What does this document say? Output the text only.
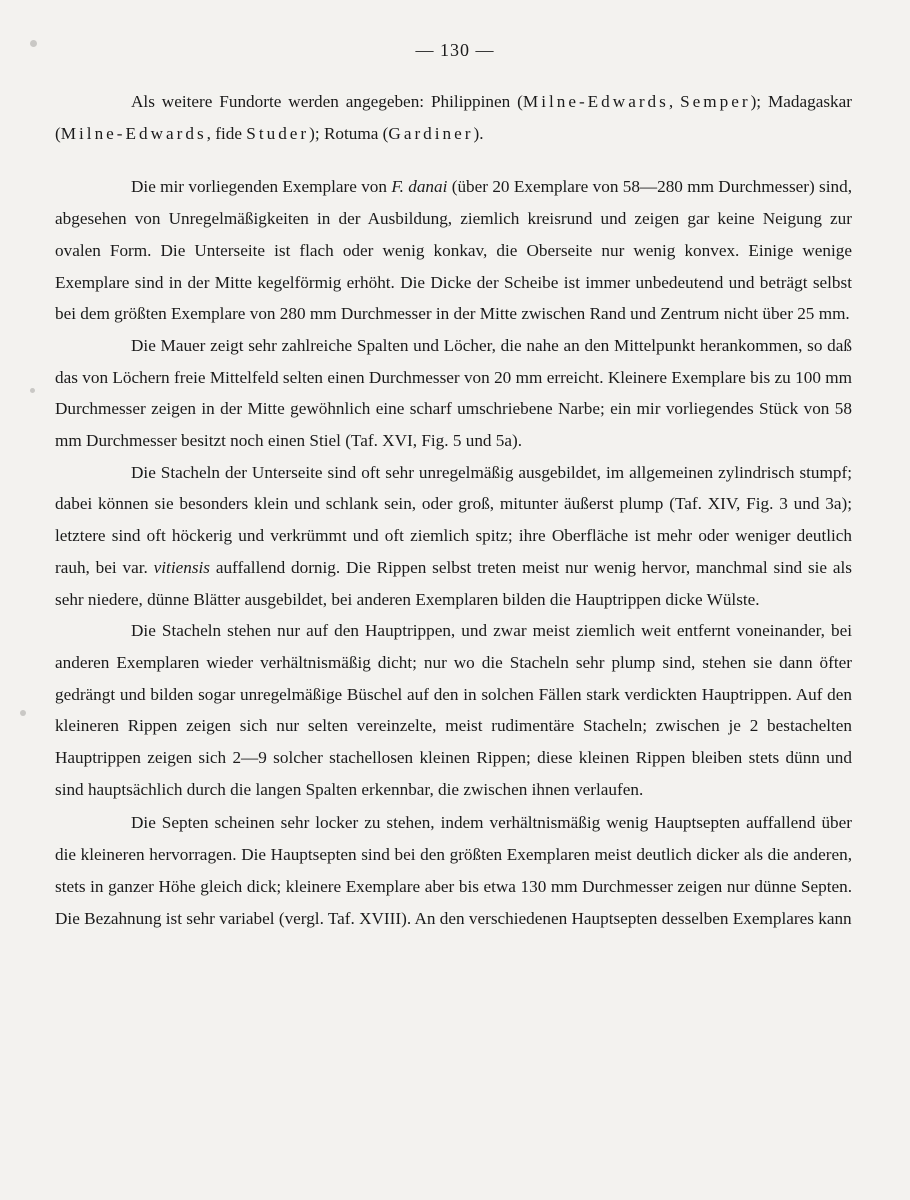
— 130 —

Als weitere Fundorte werden angegeben: Philippinen (Milne-Edwards, Semper); Madagaskar (Milne-Edwards, fide Studer); Rotuma (Gardiner).

Die mir vorliegenden Exemplare von F. danai (über 20 Exemplare von 58—280 mm Durchmesser) sind, abgesehen von Unregelmäßigkeiten in der Ausbildung, ziemlich kreisrund und zeigen gar keine Neigung zur ovalen Form. Die Unterseite ist flach oder wenig konkav, die Oberseite nur wenig konvex. Einige wenige Exemplare sind in der Mitte kegelförmig erhöht. Die Dicke der Scheibe ist immer unbedeutend und beträgt selbst bei dem größten Exemplare von 280 mm Durchmesser in der Mitte zwischen Rand und Zentrum nicht über 25 mm.

Die Mauer zeigt sehr zahlreiche Spalten und Löcher, die nahe an den Mittelpunkt herankommen, so daß das von Löchern freie Mittelfeld selten einen Durchmesser von 20 mm erreicht. Kleinere Exemplare bis zu 100 mm Durchmesser zeigen in der Mitte gewöhnlich eine scharf umschriebene Narbe; ein mir vorliegendes Stück von 58 mm Durchmesser besitzt noch einen Stiel (Taf. XVI, Fig. 5 und 5a).

Die Stacheln der Unterseite sind oft sehr unregelmäßig ausgebildet, im allgemeinen zylindrisch stumpf; dabei können sie besonders klein und schlank sein, oder groß, mitunter äußerst plump (Taf. XIV, Fig. 3 und 3a); letztere sind oft höckerig und verkrümmt und oft ziemlich spitz; ihre Oberfläche ist mehr oder weniger deutlich rauh, bei var. vitiensis auffallend dornig. Die Rippen selbst treten meist nur wenig hervor, manchmal sind sie als sehr niedere, dünne Blätter ausgebildet, bei anderen Exemplaren bilden die Hauptrippen dicke Wülste.

Die Stacheln stehen nur auf den Hauptrippen, und zwar meist ziemlich weit entfernt voneinander, bei anderen Exemplaren wieder verhältnismäßig dicht; nur wo die Stacheln sehr plump sind, stehen sie dann öfter gedrängt und bilden sogar unregelmäßige Büschel auf den in solchen Fällen stark verdickten Hauptrippen. Auf den kleineren Rippen zeigen sich nur selten vereinzelte, meist rudimentäre Stacheln; zwischen je 2 bestachelten Hauptrippen zeigen sich 2—9 solcher stachellosen kleinen Rippen; diese kleinen Rippen bleiben stets dünn und sind hauptsächlich durch die langen Spalten erkennbar, die zwischen ihnen verlaufen.

Die Septen scheinen sehr locker zu stehen, indem verhältnismäßig wenig Hauptsepten auffallend über die kleineren hervorragen. Die Hauptsepten sind bei den größten Exemplaren meist deutlich dicker als die anderen, stets in ganzer Höhe gleich dick; kleinere Exemplare aber bis etwa 130 mm Durchmesser zeigen nur dünne Septen. Die Bezahnung ist sehr variabel (vergl. Taf. XVIII). An den verschiedenen Hauptsepten desselben Exemplares kann
